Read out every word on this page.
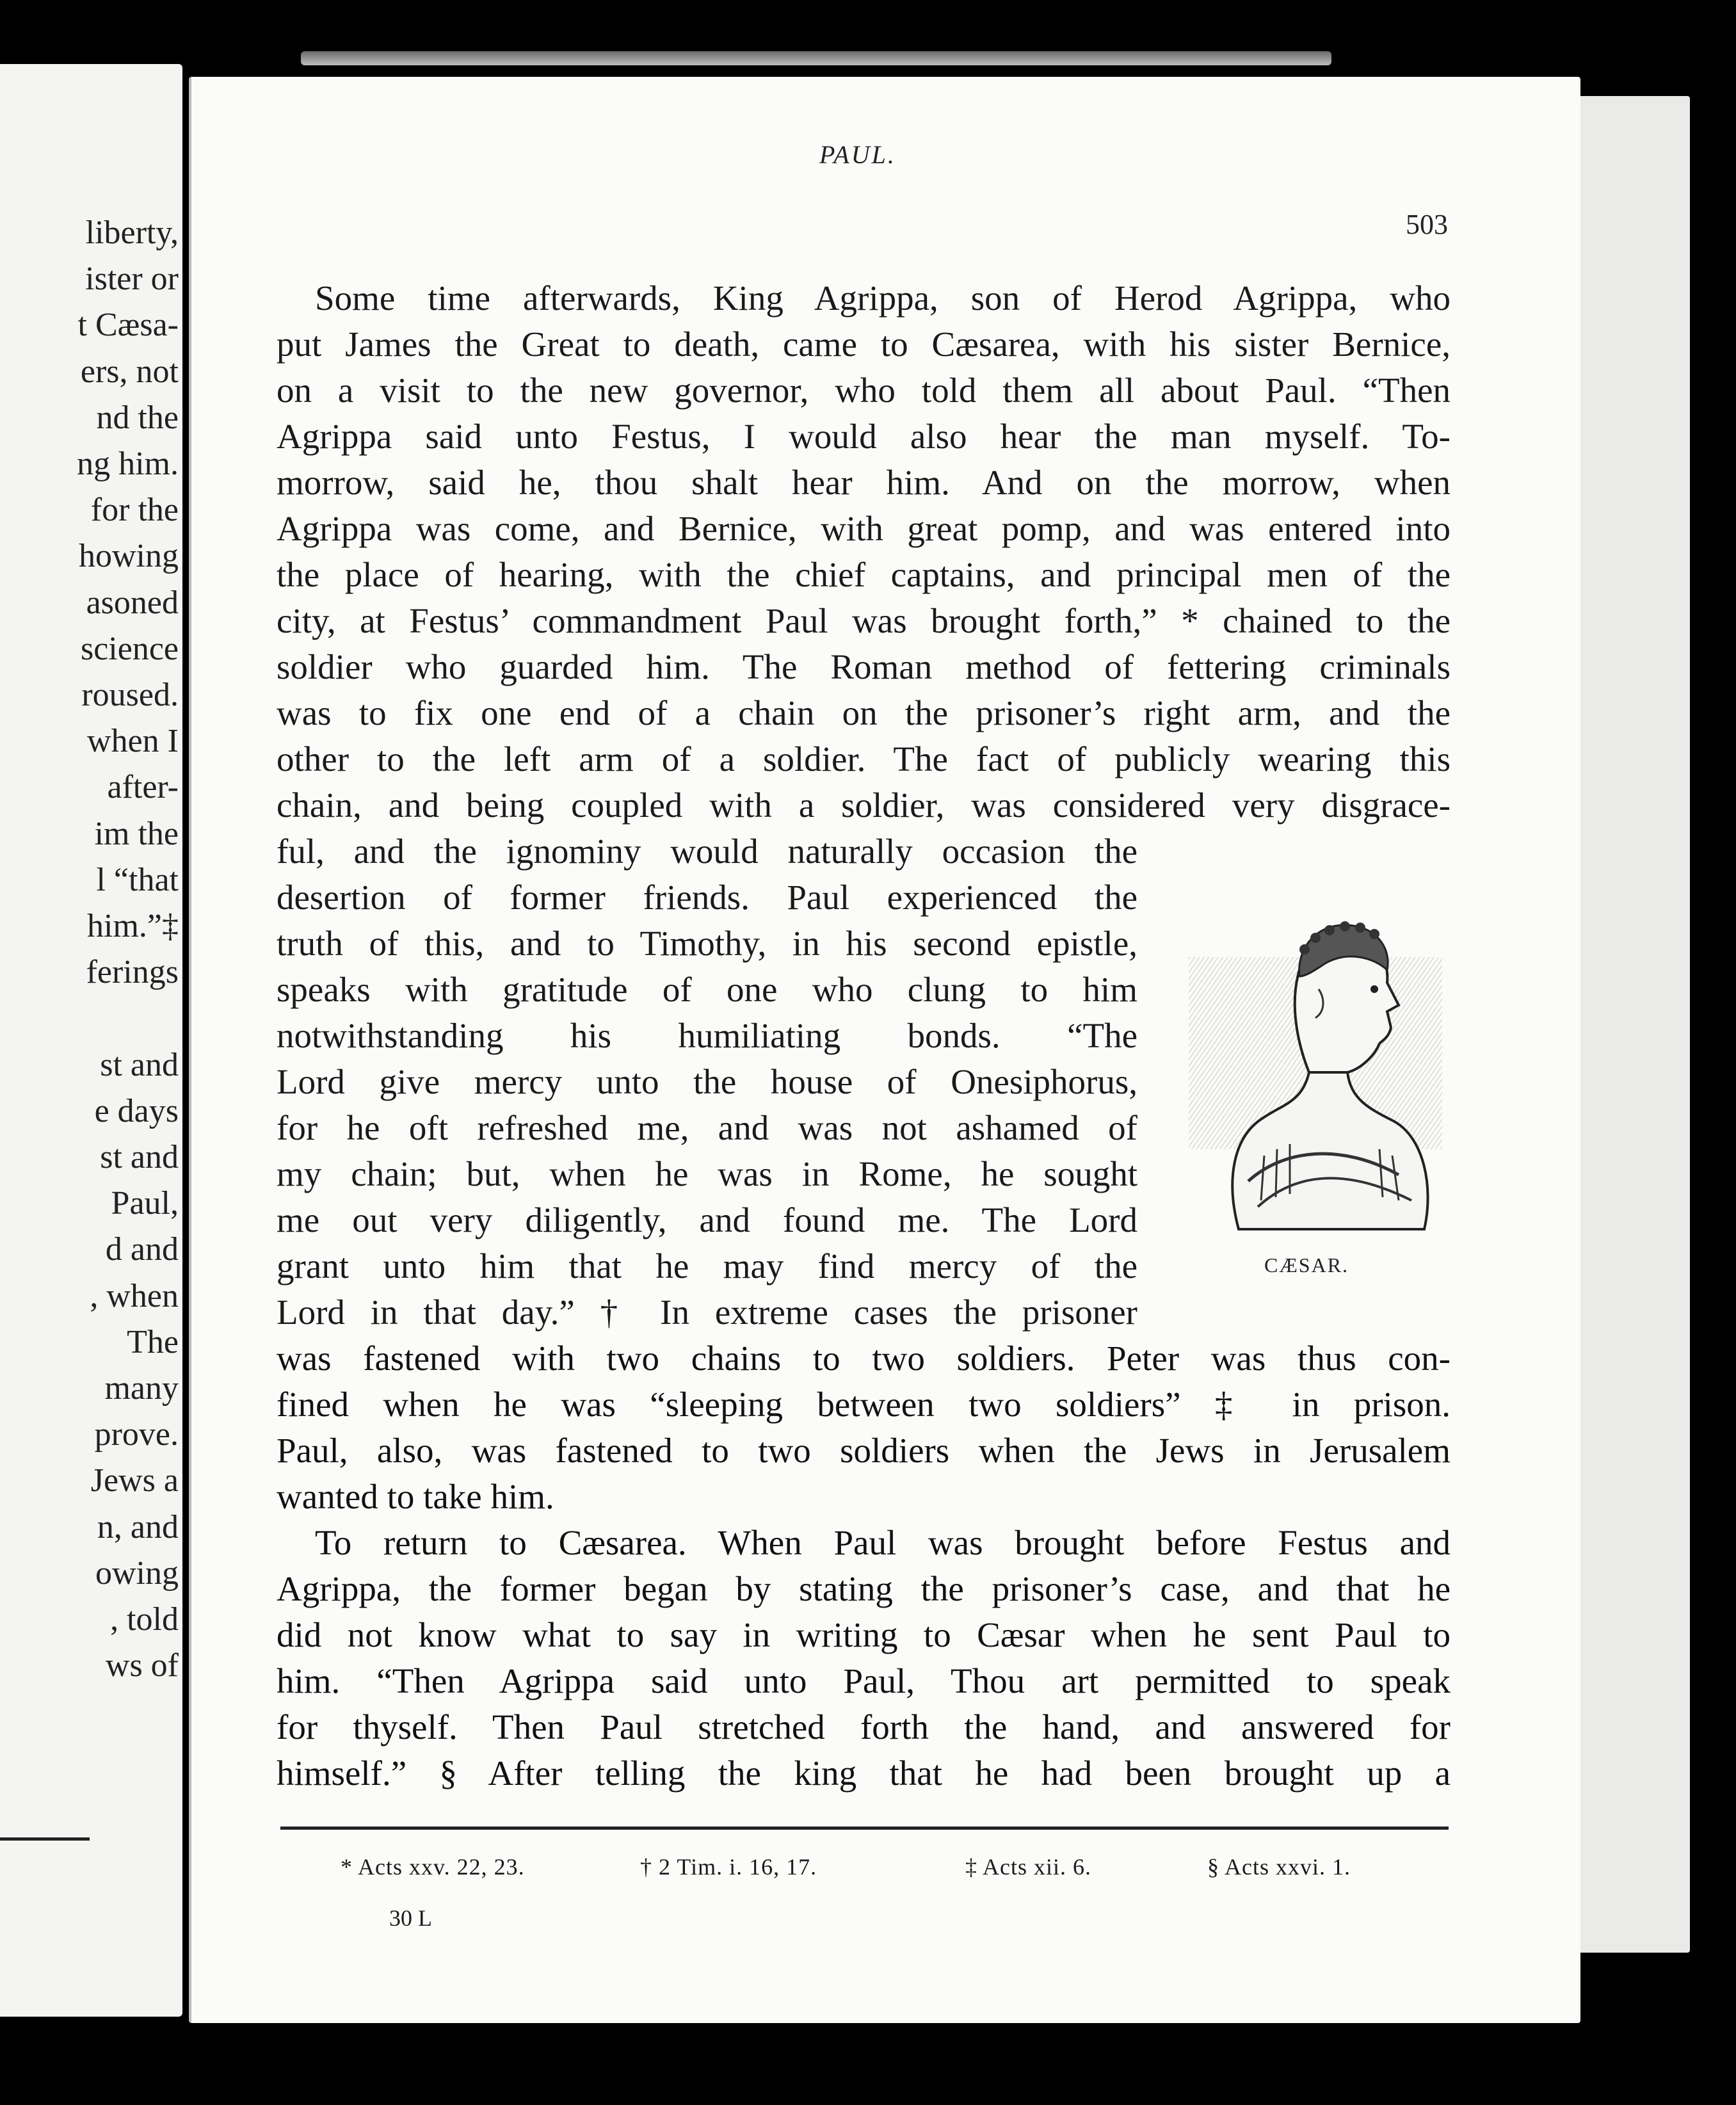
liberty,
ister or
t Cæsa-
ers, not
nd the
ng him.
for the
howing
asoned
science
roused.
when I
after-
im the
l “that
him.”‡
ferings
st and
e days
st and
Paul,
d and
, when
The
many
prove.
Jews a
n, and
owing
, told
ws of
PAUL.
503
Some time afterwards, King Agrippa, son of Herod Agrippa, who
put James the Great to death, came to Cæsarea, with his sister Bernice,
on a visit to the new governor, who told them all about Paul. “Then
Agrippa said unto Festus, I would also hear the man myself. To-
morrow, said he, thou shalt hear him. And on the morrow, when
Agrippa was come, and Bernice, with great pomp, and was entered into
the place of hearing, with the chief captains, and principal men of the
city, at Festus’ commandment Paul was brought forth,” * chained to the
soldier who guarded him. The Roman method of fettering criminals
was to fix one end of a chain on the prisoner’s right arm, and the
other to the left arm of a soldier. The fact of publicly wearing this
chain, and being coupled with a soldier, was considered very disgrace-
ful, and the ignominy would naturally occasion the
desertion of former friends. Paul experienced the
truth of this, and to Timothy, in his second epistle,
speaks with gratitude of one who clung to him
notwithstanding his humiliating bonds. “The
Lord give mercy unto the house of Onesiphorus,
for he oft refreshed me, and was not ashamed of
my chain; but, when he was in Rome, he sought
me out very diligently, and found me. The Lord
grant unto him that he may find mercy of the
Lord in that day.” † In extreme cases the prisoner
was fastened with two chains to two soldiers. Peter was thus con-
fined when he was “sleeping between two soldiers” ‡ in prison.
Paul, also, was fastened to two soldiers when the Jews in Jerusalem
wanted to take him.
To return to Cæsarea. When Paul was brought before Festus and
Agrippa, the former began by stating the prisoner’s case, and that he
did not know what to say in writing to Cæsar when he sent Paul to
him. “Then Agrippa said unto Paul, Thou art permitted to speak
for thyself. Then Paul stretched forth the hand, and answered for
himself.” § After telling the king that he had been brought up a
CÆSAR.
* Acts xxv. 22, 23.	† 2 Tim. i. 16, 17.	‡ Acts xii. 6.	§ Acts xxvi. 1.
30 L
